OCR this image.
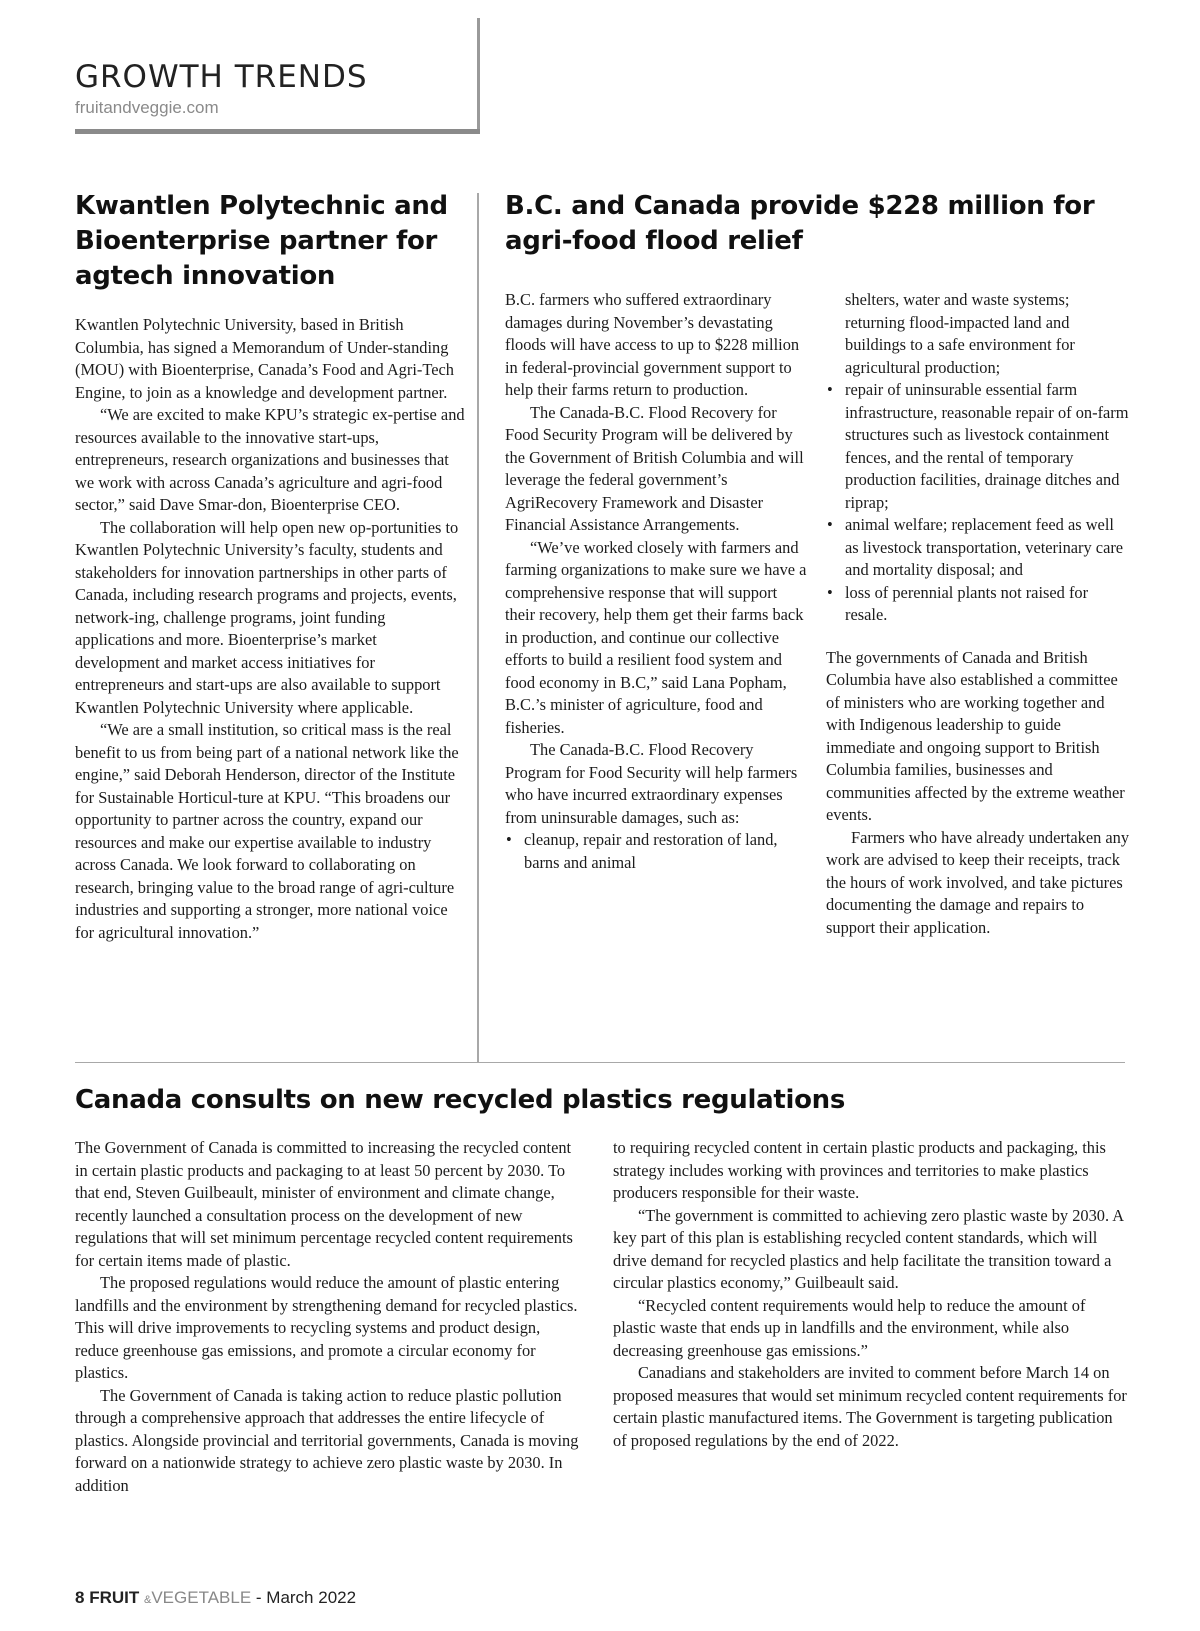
GROWTH TRENDS
fruitandveggie.com
Kwantlen Polytechnic and Bioenterprise partner for agtech innovation

Kwantlen Polytechnic University, based in British Columbia, has signed a Memorandum of Under-standing (MOU) with Bioenterprise, Canada’s Food and Agri-Tech Engine, to join as a knowledge and development partner.

“We are excited to make KPU’s strategic ex-pertise and resources available to the innovative start-ups, entrepreneurs, research organizations and businesses that we work with across Canada’s agriculture and agri-food sector,” said Dave Smar-don, Bioenterprise CEO.

The collaboration will help open new op-portunities to Kwantlen Polytechnic University’s faculty, students and stakeholders for innovation partnerships in other parts of Canada, including research programs and projects, events, network-ing, challenge programs, joint funding applications and more. Bioenterprise’s market development and market access initiatives for entrepreneurs and start-ups are also available to support Kwantlen Polytechnic University where applicable.

“We are a small institution, so critical mass is the real benefit to us from being part of a national network like the engine,” said Deborah Henderson, director of the Institute for Sustainable Horticul-ture at KPU. “This broadens our opportunity to partner across the country, expand our resources and make our expertise available to industry across Canada. We look forward to collaborating on research, bringing value to the broad range of agri-culture industries and supporting a stronger, more national voice for agricultural innovation.”

B.C. and Canada provide $228 million for agri-food flood relief

B.C. farmers who suffered extraordinary damages during November’s devastating floods will have access to up to $228 million in federal-provincial government support to help their farms return to production.

The Canada-B.C. Flood Recovery for Food Security Program will be delivered by the Government of British Columbia and will leverage the federal government’s AgriRecovery Framework and Disaster Financial Assistance Arrangements.

“We’ve worked closely with farmers and farming organizations to make sure we have a comprehensive response that will support their recovery, help them get their farms back in production, and continue our collective efforts to build a resilient food system and food economy in B.C,” said Lana Popham, B.C.’s minister of agriculture, food and fisheries.

The Canada-B.C. Flood Recovery Program for Food Security will help farmers who have incurred extraordinary expenses from uninsurable damages, such as:

• cleanup, repair and restoration of land, barns and animal
shelters, water and waste systems; returning flood-impacted land and buildings to a safe environment for agricultural production;
• repair of uninsurable essential farm infrastructure, reasonable repair of on-farm structures such as livestock containment fences, and the rental of temporary production facilities, drainage ditches and riprap;
• animal welfare; replacement feed as well as livestock transportation, veterinary care and mortality disposal; and
• loss of perennial plants not raised for resale.

The governments of Canada and British Columbia have also established a committee of ministers who are working together and with Indigenous leadership to guide immediate and ongoing support to British Columbia families, businesses and communities affected by the extreme weather events.

Farmers who have already undertaken any work are advised to keep their receipts, track the hours of work involved, and take pictures documenting the damage and repairs to support their application.

Canada consults on new recycled plastics regulations

The Government of Canada is committed to increasing the recycled content in certain plastic products and packaging to at least 50 percent by 2030. To that end, Steven Guilbeault, minister of environment and climate change, recently launched a consultation process on the development of new regulations that will set minimum percentage recycled content requirements for certain items made of plastic.

The proposed regulations would reduce the amount of plastic entering landfills and the environment by strengthening demand for recycled plastics. This will drive improvements to recycling systems and product design, reduce greenhouse gas emissions, and promote a circular economy for plastics.

The Government of Canada is taking action to reduce plastic pollution through a comprehensive approach that addresses the entire lifecycle of plastics. Alongside provincial and territorial governments, Canada is moving forward on a nationwide strategy to achieve zero plastic waste by 2030. In addition

to requiring recycled content in certain plastic products and packaging, this strategy includes working with provinces and territories to make plastics producers responsible for their waste.

“The government is committed to achieving zero plastic waste by 2030. A key part of this plan is establishing recycled content standards, which will drive demand for recycled plastics and help facilitate the transition toward a circular plastics economy,” Guilbeault said.

“Recycled content requirements would help to reduce the amount of plastic waste that ends up in landfills and the environment, while also decreasing greenhouse gas emissions.”

Canadians and stakeholders are invited to comment before March 14 on proposed measures that would set minimum recycled content requirements for certain plastic manufactured items. The Government is targeting publication of proposed regulations by the end of 2022.

8 FRUIT &VEGETABLE - March 2022
